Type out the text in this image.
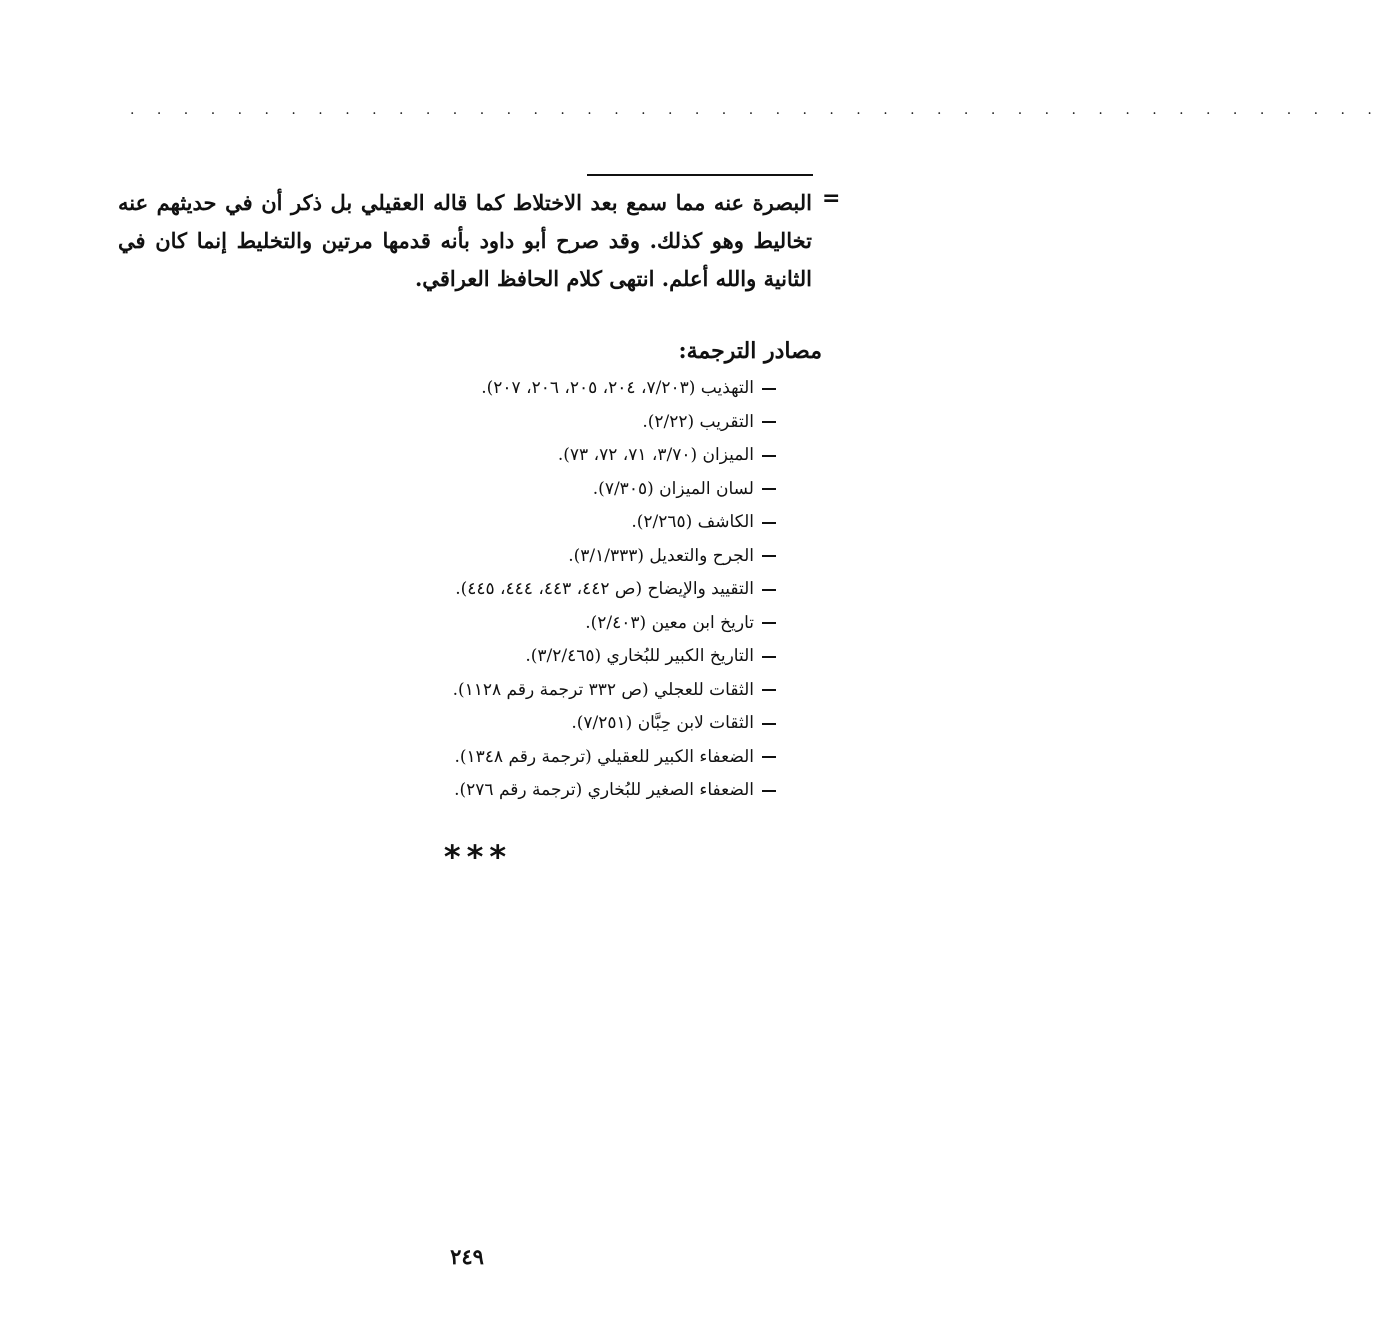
. . . . . . . . . . . . . . . . . . . . . . . . . . . . . . . . . . . . . . . . . . . . . . .
=
البصرة عنه مما سمع بعد الاختلاط كما قاله العقيلي بل ذكر أن في حديثهم عنه تخاليط وهو كذلك. وقد صرح أبو داود بأنه قدمها مرتين والتخليط إنما كان في الثانية والله أعلم. انتهى كلام الحافظ العراقي.
مصادر الترجمة:
التهذيب (٧/٢٠٣، ٢٠٤، ٢٠٥، ٢٠٦، ٢٠٧).
التقريب (٢/٢٢).
الميزان (٣/٧٠، ٧١، ٧٢، ٧٣).
لسان الميزان (٧/٣٠٥).
الكاشف (٢/٢٦٥).
الجرح والتعديل (٣/١/٣٣٣).
التقييد والإيضاح (ص ٤٤٢، ٤٤٣، ٤٤٤، ٤٤٥).
تاريخ ابن معين (٢/٤٠٣).
التاريخ الكبير للبُخاري (٣/٢/٤٦٥).
الثقات للعجلي (ص ٣٣٢ ترجمة رقم ١١٢٨).
الثقات لابن حِبَّان (٧/٢٥١).
الضعفاء الكبير للعقيلي (ترجمة رقم ١٣٤٨).
الضعفاء الصغير للبُخاري (ترجمة رقم ٢٧٦).
***
٢٤٩
